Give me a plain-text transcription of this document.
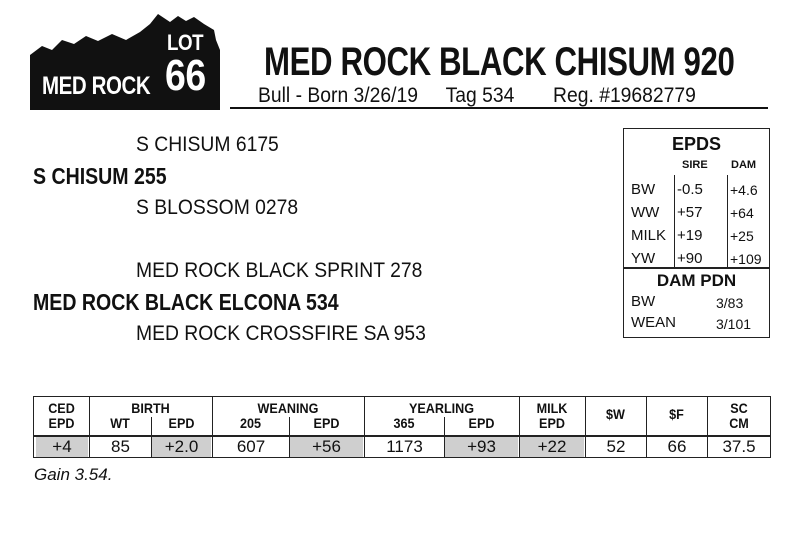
LOT
66
MED ROCK
MED ROCK BLACK CHISUM 920
Bull - Born 3/26/19 Tag 534 Reg. #19682779
S CHISUM 6175
S CHISUM 255
S BLOSSOM 0278
MED ROCK BLACK SPRINT 278
MED ROCK BLACK ELCONA 534
MED ROCK CROSSFIRE SA 953
EPDS
SIRE DAM
BW -0.5 +4.6
WW +57 +64
MILK +19 +25
YW +90 +109
DAM PDN
BW	3/83
WEAN	3/101
CED	BIRTH	WEANING	YEARLING	MILK	$W	$F	SC
EPD	WT	EPD	205	EPD	365	EPD	EPD	CM
+4	85	+2.0	607	+56	1173	+93	+22	52	66	37.5
Gain 3.54.
